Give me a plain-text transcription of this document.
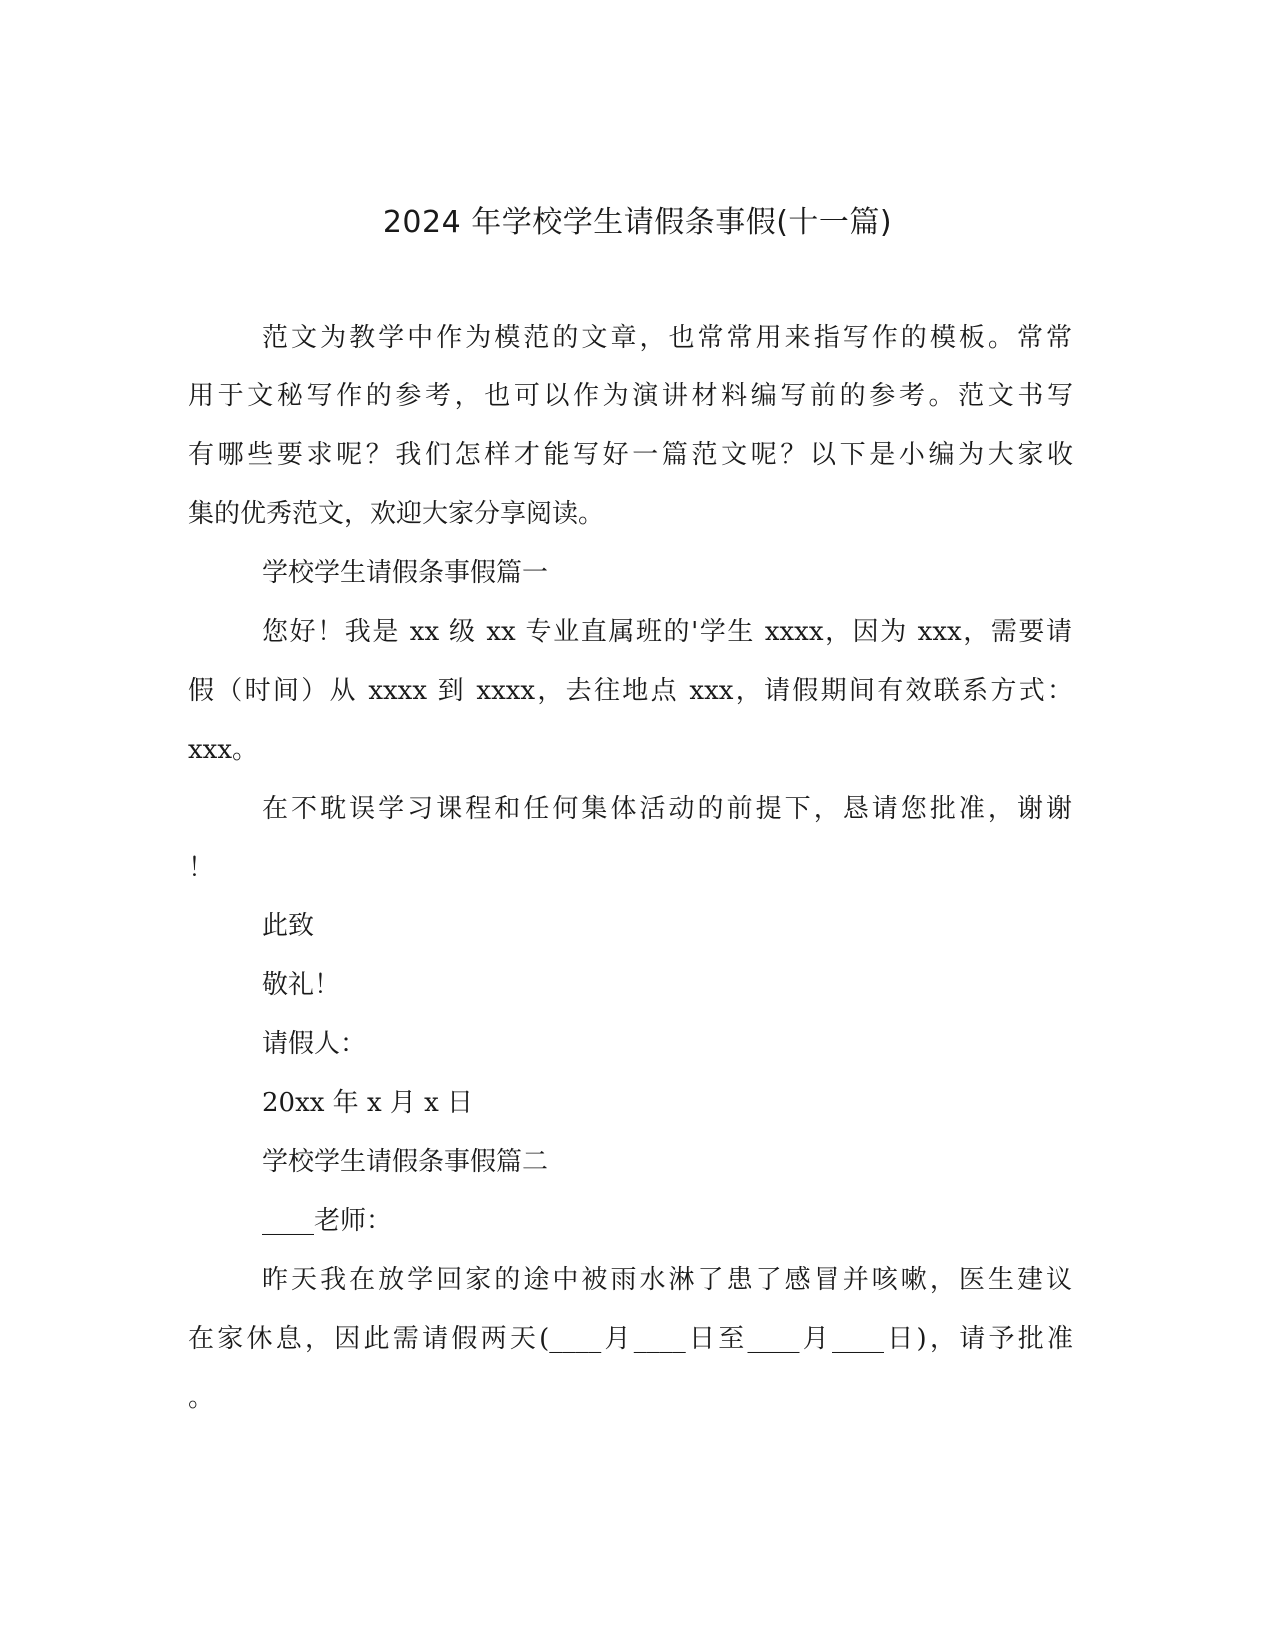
2024 年学校学生请假条事假(十一篇)
范文为教学中作为模范的文章，也常常用来指写作的模板。常常
用于文秘写作的参考，也可以作为演讲材料编写前的参考。范文书写
有哪些要求呢？我们怎样才能写好一篇范文呢？以下是小编为大家收
集的优秀范文，欢迎大家分享阅读。
学校学生请假条事假篇一
您好！我是 xx 级 xx 专业直属班的'学生 xxxx，因为 xxx，需要请
假（时间）从 xxxx 到 xxxx，去往地点 xxx，请假期间有效联系方式：
xxx。
在不耽误学习课程和任何集体活动的前提下，恳请您批准，谢谢
！
此致
敬礼！
请假人：
20xx 年 x 月 x 日
学校学生请假条事假篇二
____老师：
昨天我在放学回家的途中被雨水淋了患了感冒并咳嗽，医生建议
在家休息，因此需请假两天(____月____日至____月____日)，请予批准
。
